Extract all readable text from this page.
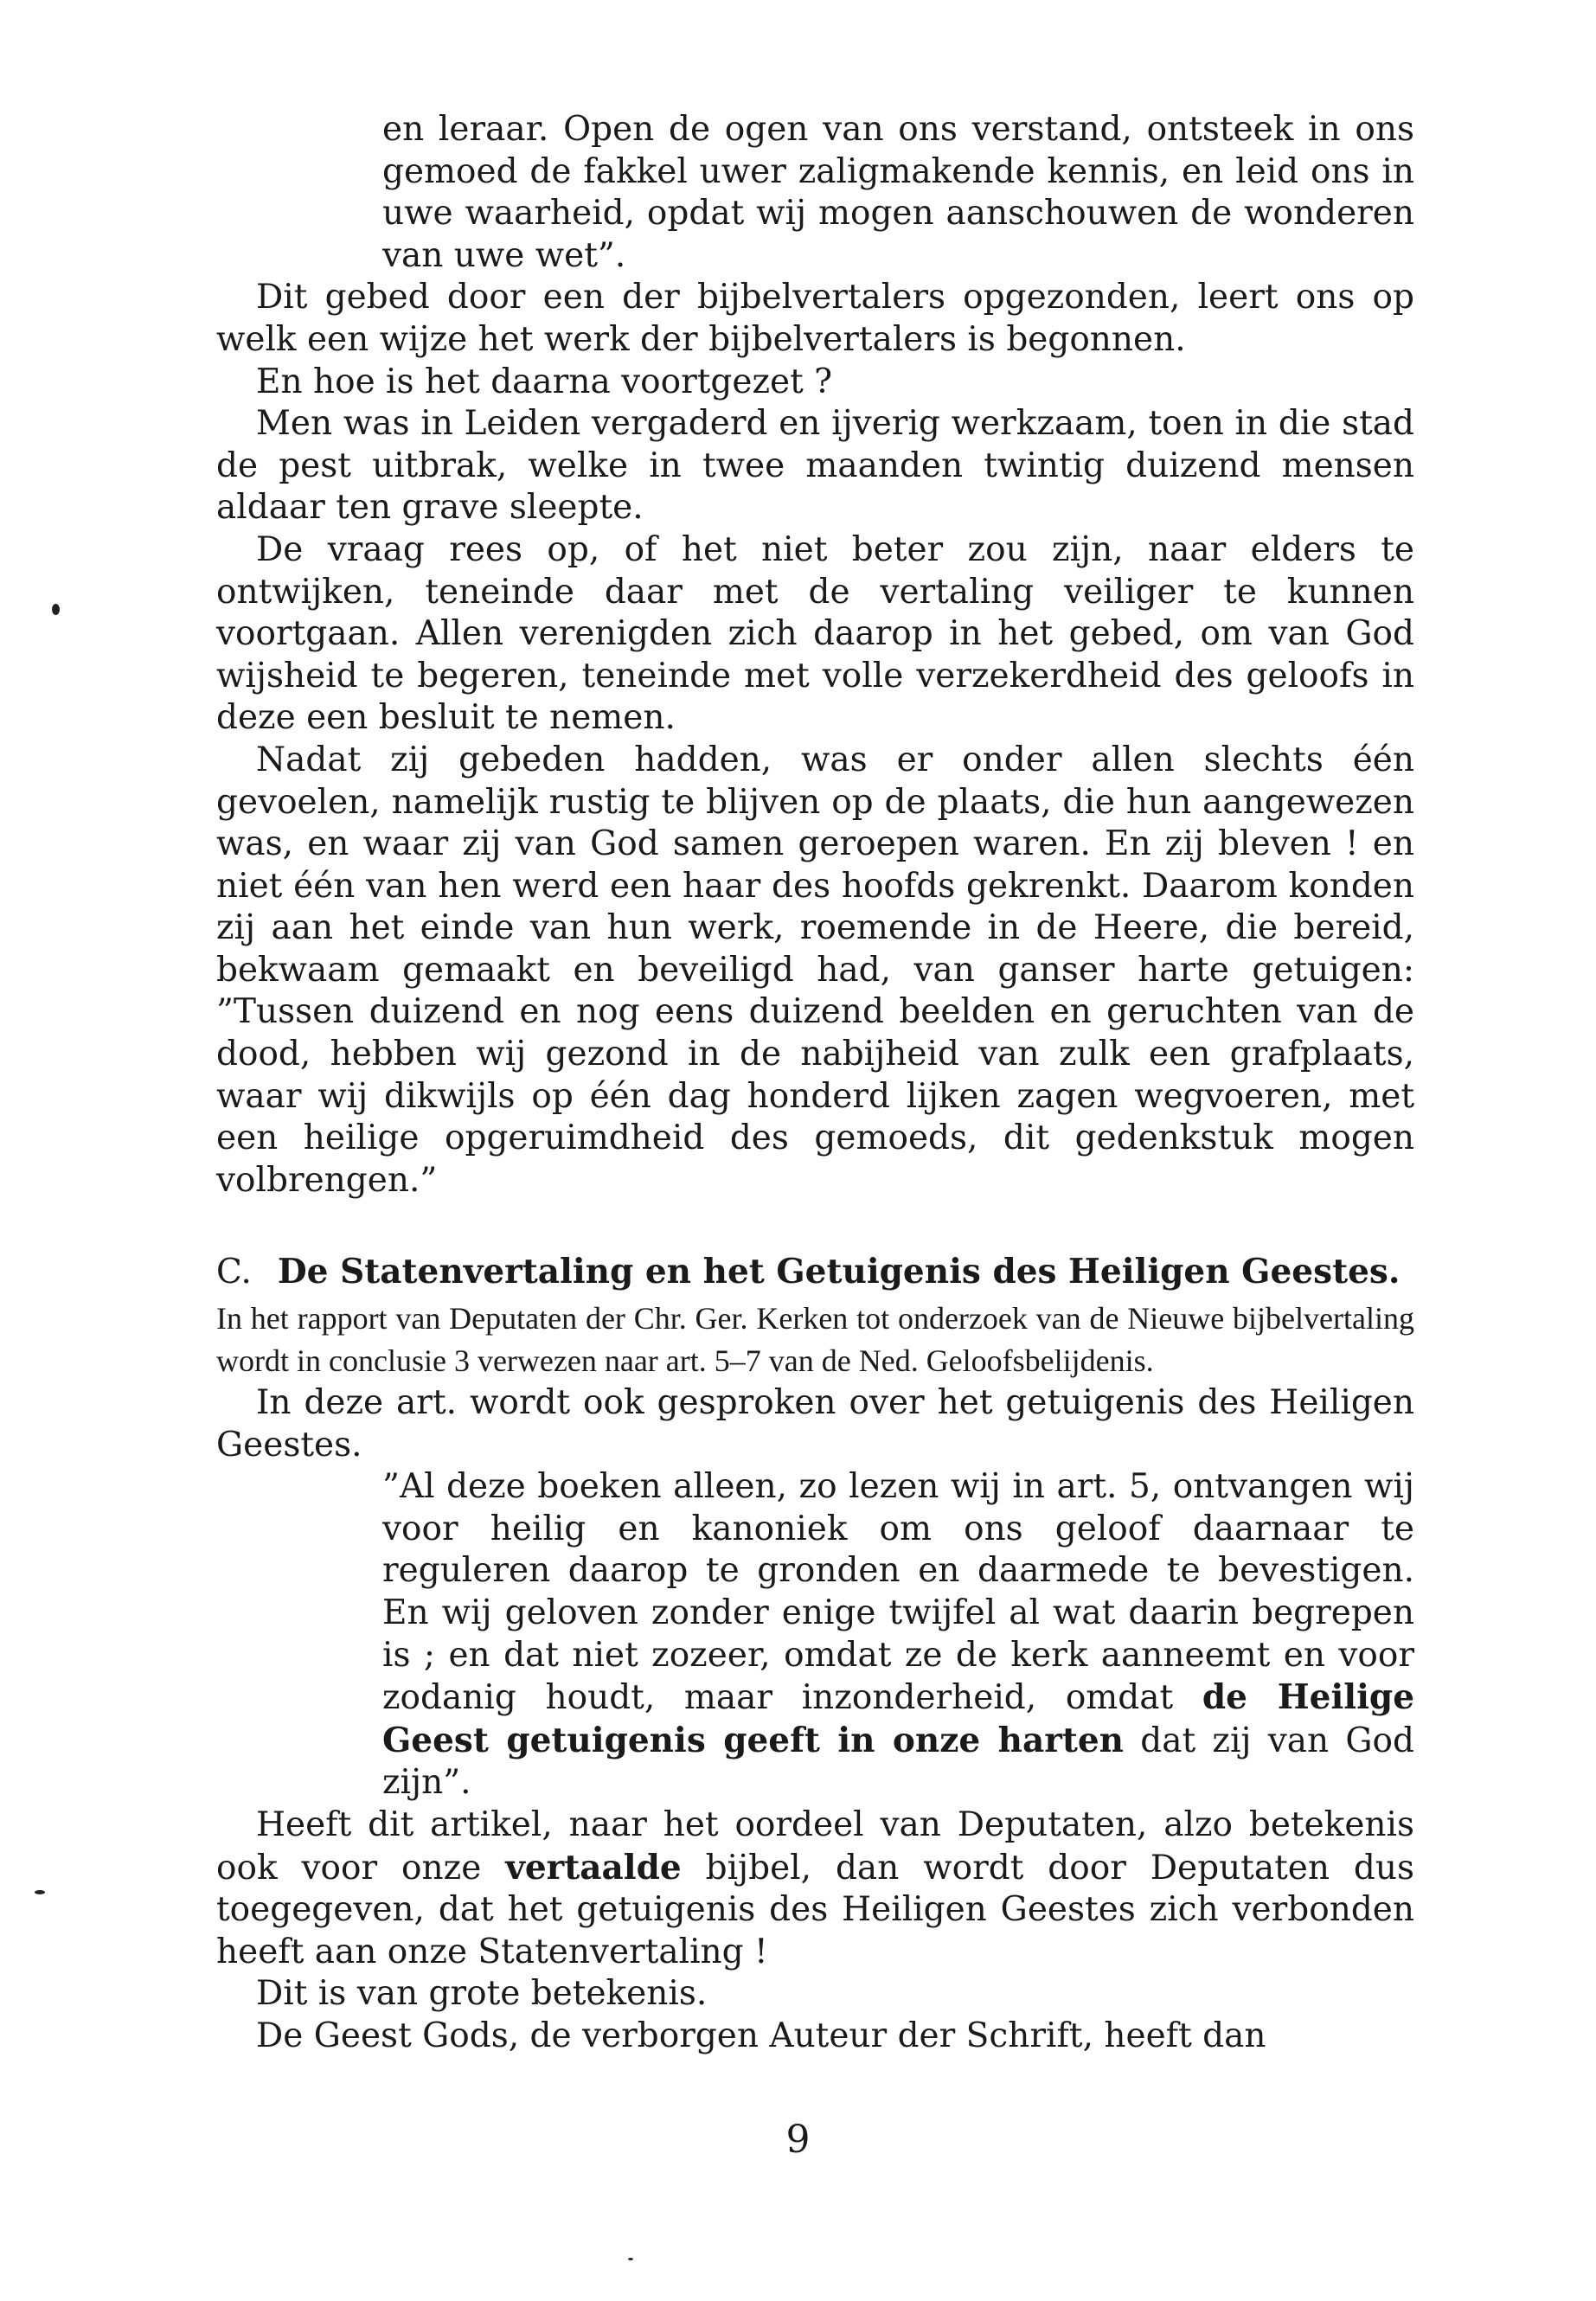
en leraar. Open de ogen van ons verstand, ontsteek in ons gemoed de fakkel uwer zaligmakende kennis, en leid ons in uwe waarheid, opdat wij mogen aanschouwen de wonderen van uwe wet”.

Dit gebed door een der bijbelvertalers opgezonden, leert ons op welk een wijze het werk der bijbelvertalers is begonnen.

En hoe is het daarna voortgezet ?

Men was in Leiden vergaderd en ijverig werkzaam, toen in die stad de pest uitbrak, welke in twee maanden twintig duizend mensen aldaar ten grave sleepte.

De vraag rees op, of het niet beter zou zijn, naar elders te ontwijken, teneinde daar met de vertaling veiliger te kunnen voortgaan. Allen verenigden zich daarop in het gebed, om van God wijsheid te begeren, teneinde met volle verzekerdheid des geloofs in deze een besluit te nemen.

Nadat zij gebeden hadden, was er onder allen slechts één gevoelen, namelijk rustig te blijven op de plaats, die hun aangewezen was, en waar zij van God samen geroepen waren. En zij bleven ! en niet één van hen werd een haar des hoofds gekrenkt. Daarom konden zij aan het einde van hun werk, roemende in de Heere, die bereid, bekwaam gemaakt en beveiligd had, van ganser harte getuigen: ”Tussen duizend en nog eens duizend beelden en geruchten van de dood, hebben wij gezond in de nabijheid van zulk een grafplaats, waar wij dikwijls op één dag honderd lijken zagen wegvoeren, met een heilige opgeruimdheid des gemoeds, dit gedenkstuk mogen volbrengen.”

C. De Statenvertaling en het Getuigenis des Heiligen Geestes.

In het rapport van Deputaten der Chr. Ger. Kerken tot onderzoek van de Nieuwe bijbelvertaling wordt in conclusie 3 verwezen naar art. 5–7 van de Ned. Geloofsbelijdenis.

In deze art. wordt ook gesproken over het getuigenis des Heiligen Geestes.

”Al deze boeken alleen, zo lezen wij in art. 5, ontvangen wij voor heilig en kanoniek om ons geloof daarnaar te reguleren daarop te gronden en daarmede te bevestigen. En wij geloven zonder enige twijfel al wat daarin begrepen is ; en dat niet zozeer, omdat ze de kerk aanneemt en voor zodanig houdt, maar inzonderheid, omdat de Heilige Geest getuigenis geeft in onze harten dat zij van God zijn”.

Heeft dit artikel, naar het oordeel van Deputaten, alzo betekenis ook voor onze vertaalde bijbel, dan wordt door Deputaten dus toegegeven, dat het getuigenis des Heiligen Geestes zich verbonden heeft aan onze Statenvertaling !

Dit is van grote betekenis.

De Geest Gods, de verborgen Auteur der Schrift, heeft dan

9
